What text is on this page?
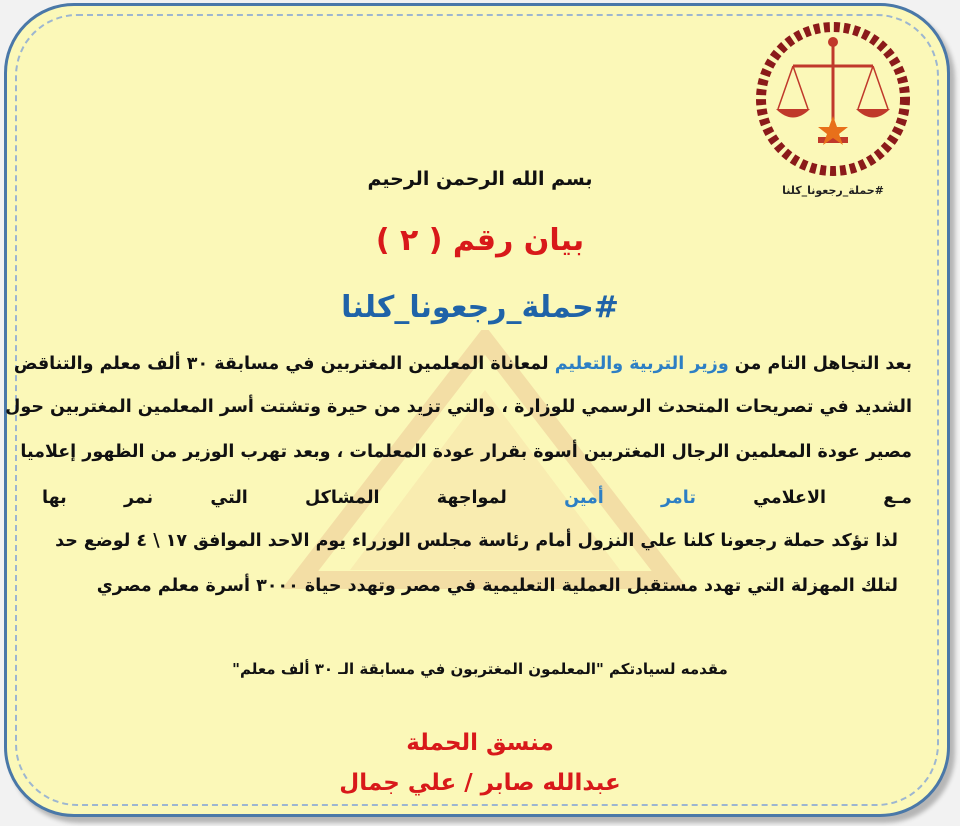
#حملة_رجعونا_كلنا
بسم الله الرحمن الرحيم
بيان رقم ( ٢ )
#حملة_رجعونا_كلنا
بعد التجاهل التام من وزير التربية والتعليم لمعاناة المعلمين المغتربين في مسابقة ٣٠ ألف معلم والتناقض
الشديد في تصريحات المتحدث الرسمي للوزارة ، والتي تزيد من حيرة وتشتت أسر المعلمين المغتربين حول
مصير عودة المعلمين الرجال المغتربين أسوة بقرار عودة المعلمات ، وبعد تهرب الوزير من الظهور إعلاميا
مـع الاعلامي تامر أمين لمواجهة المشاكل التي نمر بها
لذا تؤكد حملة رجعونا كلنا علي النزول أمام رئاسة مجلس الوزراء يوم الاحد الموافق ١٧ \ ٤ لوضع حد
لتلك المهزلة التي تهدد مستقبل العملية التعليمية في مصر وتهدد حياة ٣٠٠٠ أسرة معلم مصري
مقدمه لسيادتكم "المعلمون المغتربون في مسابقة الـ ٣٠ ألف معلم"
منسق الحملة
عبدالله صابر / علي جمال
